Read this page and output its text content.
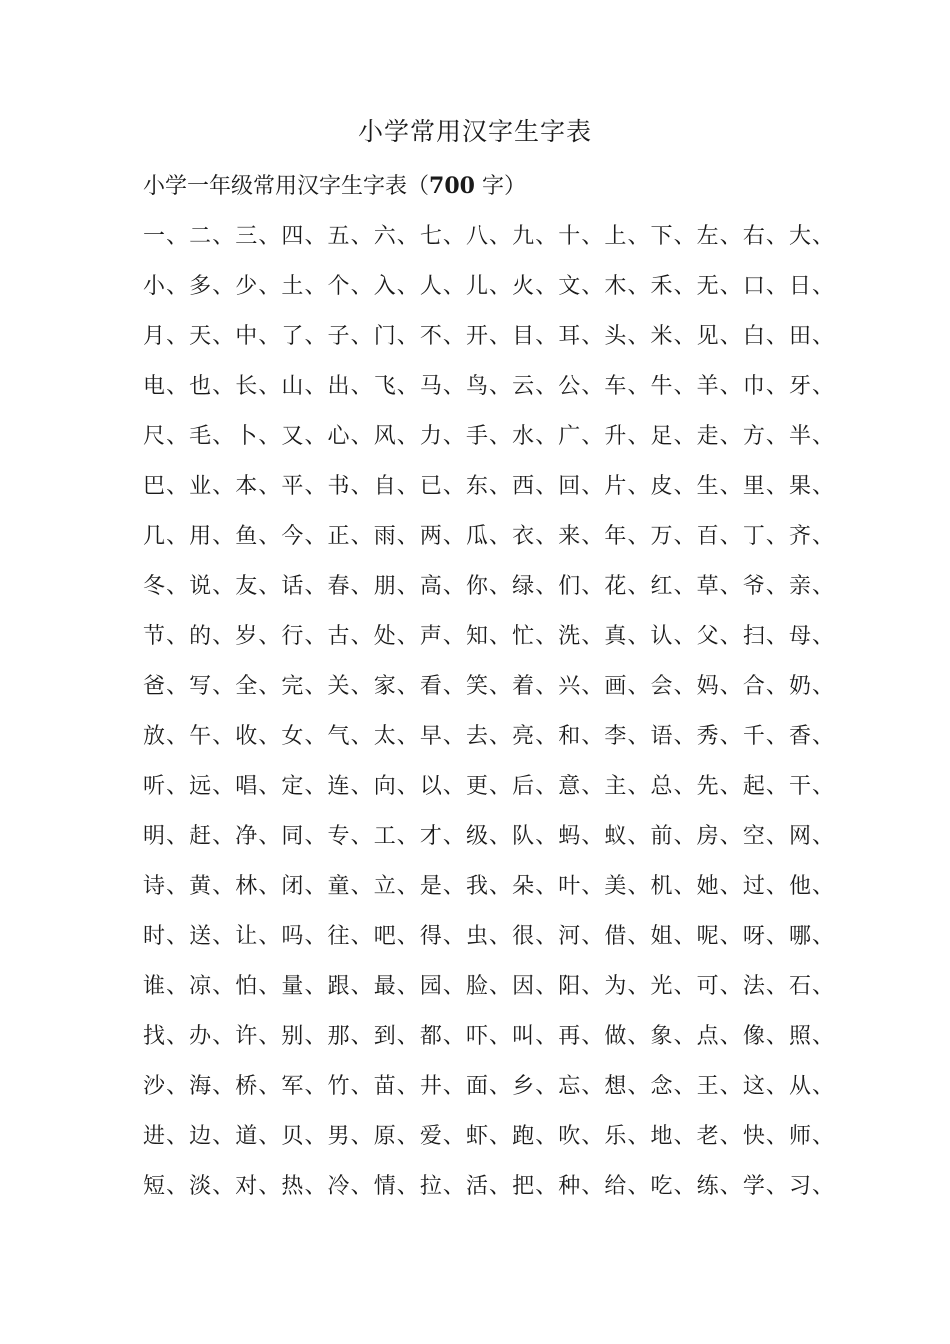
小学常用汉字生字表
小学一年级常用汉字生字表（700 字）
一、二、三、四、五、六、七、八、九、十、上、下、左、右、大、
小、多、少、土、个、入、人、儿、火、文、木、禾、无、口、日、
月、天、中、了、子、门、不、开、目、耳、头、米、见、白、田、
电、也、长、山、出、飞、马、鸟、云、公、车、牛、羊、巾、牙、
尺、毛、卜、又、心、风、力、手、水、广、升、足、走、方、半、
巴、业、本、平、书、自、已、东、西、回、片、皮、生、里、果、
几、用、鱼、今、正、雨、两、瓜、衣、来、年、万、百、丁、齐、
冬、说、友、话、春、朋、高、你、绿、们、花、红、草、爷、亲、
节、的、岁、行、古、处、声、知、忙、洗、真、认、父、扫、母、
爸、写、全、完、关、家、看、笑、着、兴、画、会、妈、合、奶、
放、午、收、女、气、太、早、去、亮、和、李、语、秀、千、香、
听、远、唱、定、连、向、以、更、后、意、主、总、先、起、干、
明、赶、净、同、专、工、才、级、队、蚂、蚁、前、房、空、网、
诗、黄、林、闭、童、立、是、我、朵、叶、美、机、她、过、他、
时、送、让、吗、往、吧、得、虫、很、河、借、姐、呢、呀、哪、
谁、凉、怕、量、跟、最、园、脸、因、阳、为、光、可、法、石、
找、办、许、别、那、到、都、吓、叫、再、做、象、点、像、照、
沙、海、桥、军、竹、苗、井、面、乡、忘、想、念、王、这、从、
进、边、道、贝、男、原、爱、虾、跑、吹、乐、地、老、快、师、
短、淡、对、热、冷、情、拉、活、把、种、给、吃、练、学、习、
